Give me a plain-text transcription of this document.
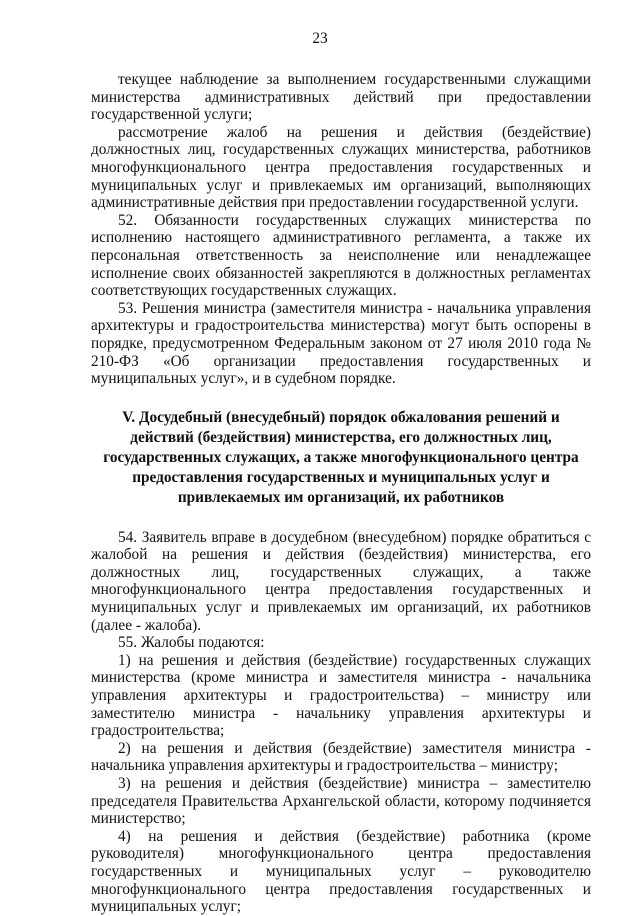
23

текущее наблюдение за выполнением государственными служащими министерства административных действий при предоставлении государственной услуги;

рассмотрение жалоб на решения и действия (бездействие) должностных лиц, государственных служащих министерства, работников многофункционального центра предоставления государственных и муниципальных услуг и привлекаемых им организаций, выполняющих административные действия при предоставлении государственной услуги.

52. Обязанности государственных служащих министерства по исполнению настоящего административного регламента, а также их персональная ответственность за неисполнение или ненадлежащее исполнение своих обязанностей закрепляются в должностных регламентах соответствующих государственных служащих.

53. Решения министра (заместителя министра - начальника управления архитектуры и градостроительства министерства) могут быть оспорены в порядке, предусмотренном Федеральным законом от 27 июля 2010 года № 210-ФЗ «Об организации предоставления государственных и муниципальных услуг», и в судебном порядке.

V. Досудебный (внесудебный) порядок обжалования решений и действий (бездействия) министерства, его должностных лиц, государственных служащих, а также многофункционального центра предоставления государственных и муниципальных услуг и привлекаемых им организаций, их работников

54. Заявитель вправе в досудебном (внесудебном) порядке обратиться с жалобой на решения и действия (бездействия) министерства, его должностных лиц, государственных служащих, а также многофункционального центра предоставления государственных и муниципальных услуг и привлекаемых им организаций, их работников (далее - жалоба).

55. Жалобы подаются:

1) на решения и действия (бездействие) государственных служащих министерства (кроме министра и заместителя министра - начальника управления архитектуры и градостроительства) – министру или заместителю министра - начальнику управления архитектуры и градостроительства;

2) на решения и действия (бездействие) заместителя министра - начальника управления архитектуры и градостроительства – министру;

3) на решения и действия (бездействие) министра – заместителю председателя Правительства Архангельской области, которому подчиняется министерство;

4) на решения и действия (бездействие) работника (кроме руководителя) многофункционального центра предоставления государственных и муниципальных услуг – руководителю многофункционального центра предоставления государственных и муниципальных услуг;
